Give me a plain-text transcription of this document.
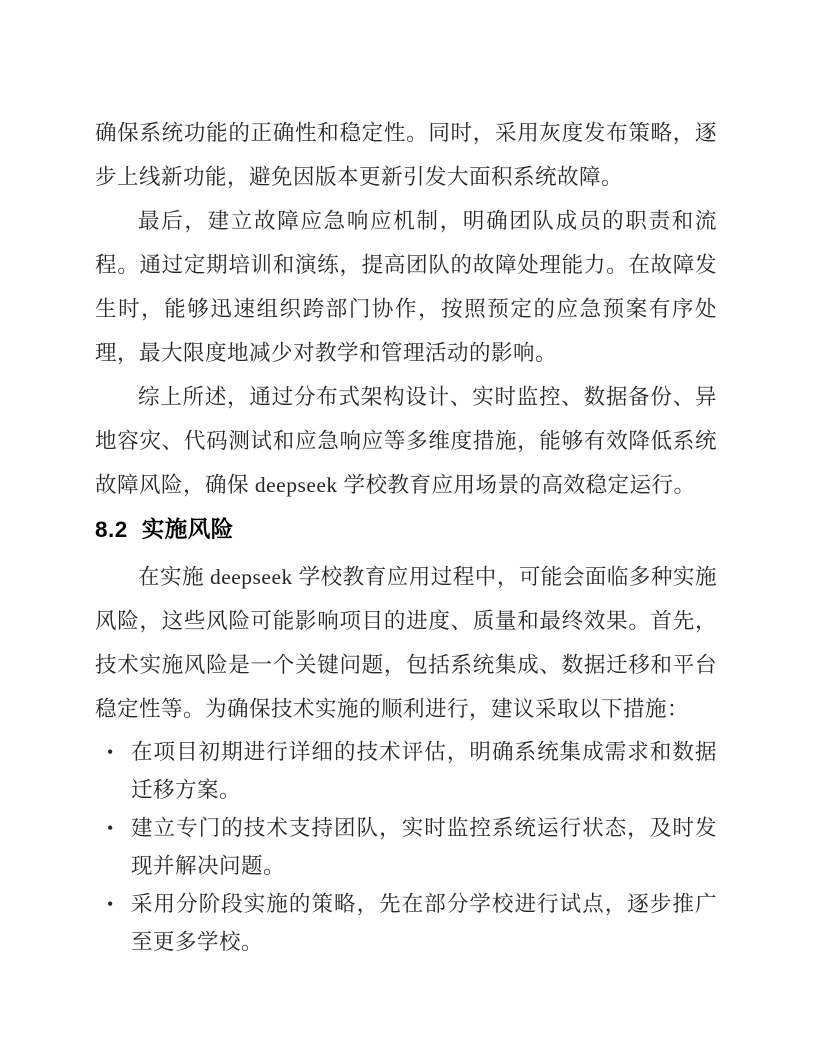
确保系统功能的正确性和稳定性。同时，采用灰度发布策略，逐步上线新功能，避免因版本更新引发大面积系统故障。

最后，建立故障应急响应机制，明确团队成员的职责和流程。通过定期培训和演练，提高团队的故障处理能力。在故障发生时，能够迅速组织跨部门协作，按照预定的应急预案有序处理，最大限度地减少对教学和管理活动的影响。

综上所述，通过分布式架构设计、实时监控、数据备份、异地容灾、代码测试和应急响应等多维度措施，能够有效降低系统故障风险，确保 deepseek 学校教育应用场景的高效稳定运行。

8.2 实施风险

在实施 deepseek 学校教育应用过程中，可能会面临多种实施风险，这些风险可能影响项目的进度、质量和最终效果。首先，技术实施风险是一个关键问题，包括系统集成、数据迁移和平台稳定性等。为确保技术实施的顺利进行，建议采取以下措施：

• 在项目初期进行详细的技术评估，明确系统集成需求和数据迁移方案。
• 建立专门的技术支持团队，实时监控系统运行状态，及时发现并解决问题。
• 采用分阶段实施的策略，先在部分学校进行试点，逐步推广至更多学校。
